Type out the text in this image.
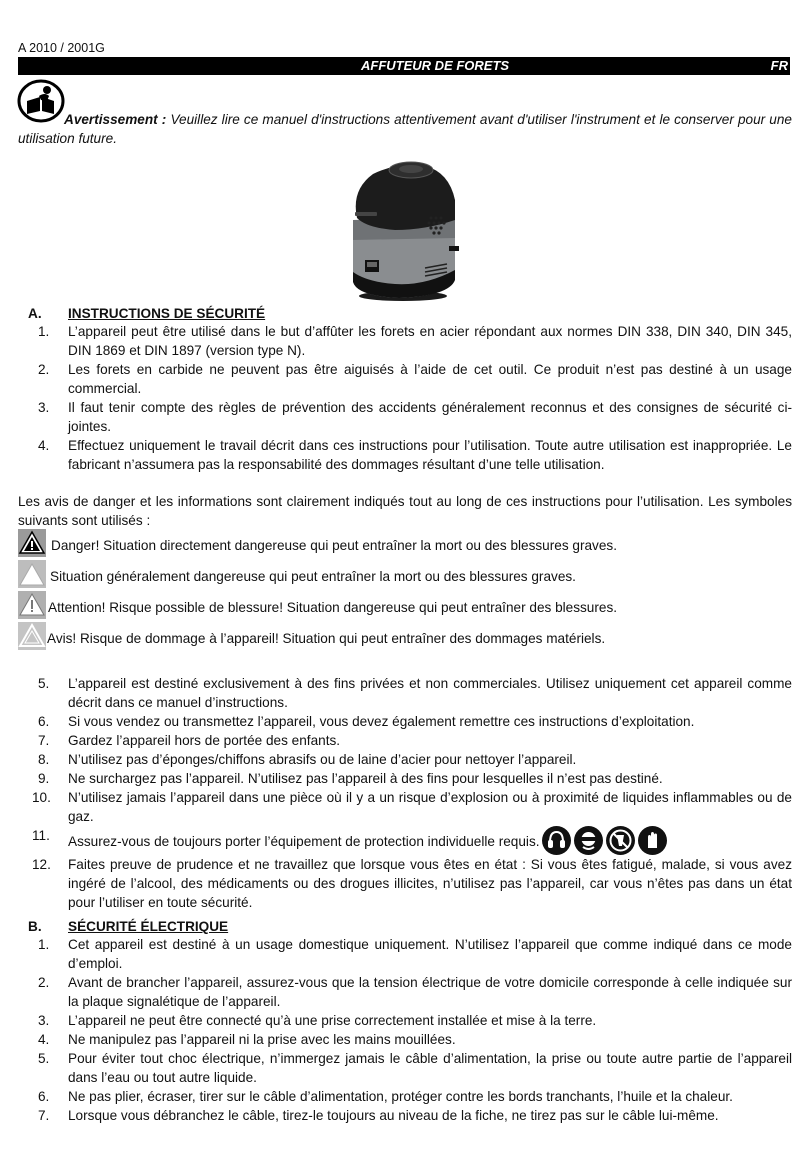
A 2010 / 2001G
AFFUTEUR DE FORETS	FR
Avertissement : Veuillez lire ce manuel d'instructions attentivement avant d'utiliser l'instrument et le conserver pour une utilisation future.
A. INSTRUCTIONS DE SÉCURITÉ
1. L’appareil peut être utilisé dans le but d’affûter les forets en acier répondant aux normes DIN 338, DIN 340, DIN 345, DIN 1869 et DIN 1897 (version type N).
2. Les forets en carbide ne peuvent pas être aiguisés à l’aide de cet outil. Ce produit n’est pas destiné à un usage commercial.
3. Il faut tenir compte des règles de prévention des accidents généralement reconnus et des consignes de sécurité ci-jointes.
4. Effectuez uniquement le travail décrit dans ces instructions pour l’utilisation. Toute autre utilisation est inappropriée. Le fabricant n’assumera pas la responsabilité des dommages résultant d’une telle utilisation.
Les avis de danger et les informations sont clairement indiqués tout au long de ces instructions pour l’utilisation. Les symboles suivants sont utilisés :
Danger! Situation directement dangereuse qui peut entraîner la mort ou des blessures graves.
Situation généralement dangereuse qui peut entraîner la mort ou des blessures graves.
Attention! Risque possible de blessure! Situation dangereuse qui peut entraîner des blessures.
Avis! Risque de dommage à l’appareil! Situation qui peut entraîner des dommages matériels.
5. L’appareil est destiné exclusivement à des fins privées et non commerciales. Utilisez uniquement cet appareil comme décrit dans ce manuel d’instructions.
6. Si vous vendez ou transmettez l’appareil, vous devez également remettre ces instructions d’exploitation.
7. Gardez l’appareil hors de portée des enfants.
8. N’utilisez pas d’éponges/chiffons abrasifs ou de laine d’acier pour nettoyer l’appareil.
9. Ne surchargez pas l’appareil. N’utilisez pas l’appareil à des fins pour lesquelles il n’est pas destiné.
10. N’utilisez jamais l’appareil dans une pièce où il y a un risque d’explosion ou à proximité de liquides inflammables ou de gaz.
11. Assurez-vous de toujours porter l’équipement de protection individuelle requis.
12. Faites preuve de prudence et ne travaillez que lorsque vous êtes en état : Si vous êtes fatigué, malade, si vous avez ingéré de l’alcool, des médicaments ou des drogues illicites, n’utilisez pas l’appareil, car vous n’êtes pas dans un état pour l’utiliser en toute sécurité.
B. SÉCURITÉ ÉLECTRIQUE
1. Cet appareil est destiné à un usage domestique uniquement. N’utilisez l’appareil que comme indiqué dans ce mode d’emploi.
2. Avant de brancher l’appareil, assurez-vous que la tension électrique de votre domicile corresponde à celle indiquée sur la plaque signalétique de l’appareil.
3. L’appareil ne peut être connecté qu’à une prise correctement installée et mise à la terre.
4. Ne manipulez pas l’appareil ni la prise avec les mains mouillées.
5. Pour éviter tout choc électrique, n’immergez jamais le câble d’alimentation, la prise ou toute autre partie de l’appareil dans l’eau ou tout autre liquide.
6. Ne pas plier, écraser, tirer sur le câble d’alimentation, protéger contre les bords tranchants, l’huile et la chaleur.
7. Lorsque vous débranchez le câble, tirez-le toujours au niveau de la fiche, ne tirez pas sur le câble lui-même.
